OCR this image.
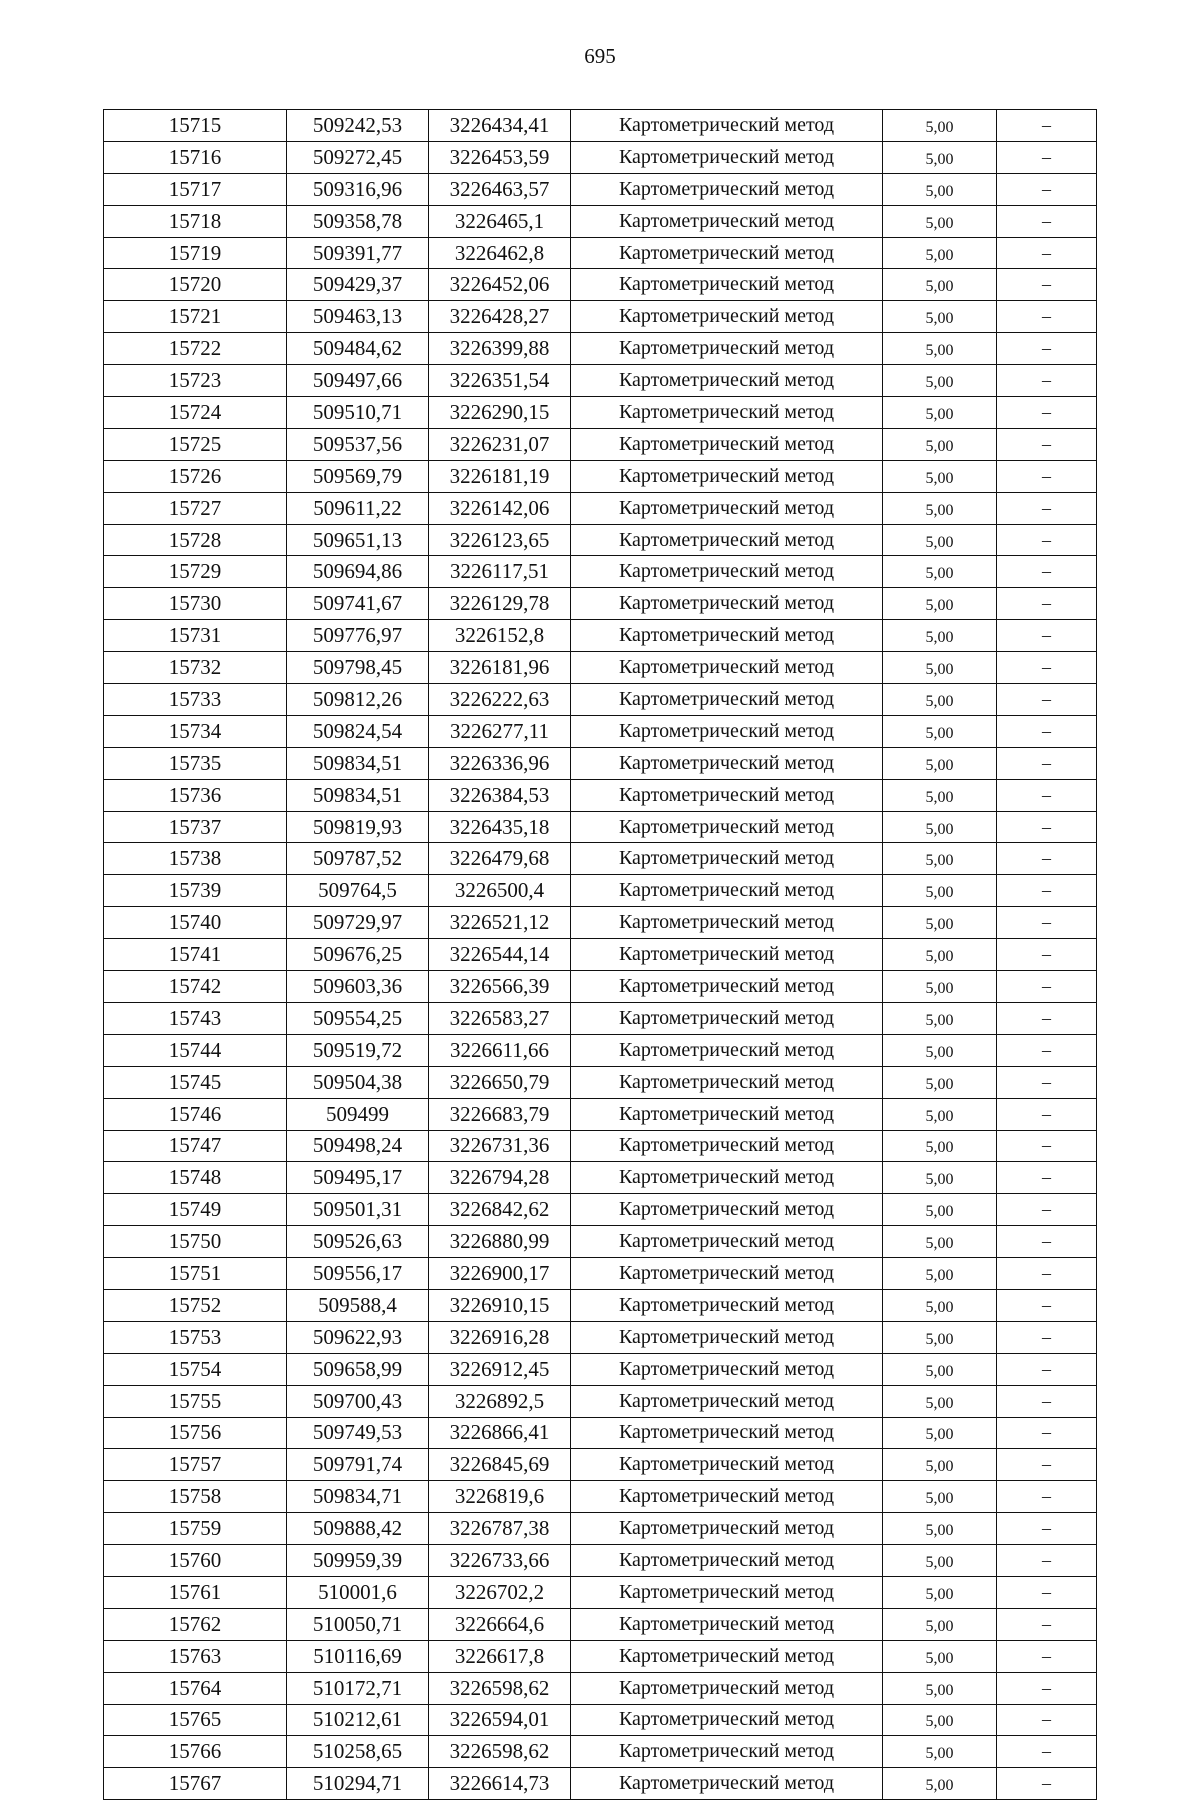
695
15715	509242,53	3226434,41	Картометрический метод	5,00	–
15716	509272,45	3226453,59	Картометрический метод	5,00	–
15717	509316,96	3226463,57	Картометрический метод	5,00	–
15718	509358,78	3226465,1	Картометрический метод	5,00	–
15719	509391,77	3226462,8	Картометрический метод	5,00	–
15720	509429,37	3226452,06	Картометрический метод	5,00	–
15721	509463,13	3226428,27	Картометрический метод	5,00	–
15722	509484,62	3226399,88	Картометрический метод	5,00	–
15723	509497,66	3226351,54	Картометрический метод	5,00	–
15724	509510,71	3226290,15	Картометрический метод	5,00	–
15725	509537,56	3226231,07	Картометрический метод	5,00	–
15726	509569,79	3226181,19	Картометрический метод	5,00	–
15727	509611,22	3226142,06	Картометрический метод	5,00	–
15728	509651,13	3226123,65	Картометрический метод	5,00	–
15729	509694,86	3226117,51	Картометрический метод	5,00	–
15730	509741,67	3226129,78	Картометрический метод	5,00	–
15731	509776,97	3226152,8	Картометрический метод	5,00	–
15732	509798,45	3226181,96	Картометрический метод	5,00	–
15733	509812,26	3226222,63	Картометрический метод	5,00	–
15734	509824,54	3226277,11	Картометрический метод	5,00	–
15735	509834,51	3226336,96	Картометрический метод	5,00	–
15736	509834,51	3226384,53	Картометрический метод	5,00	–
15737	509819,93	3226435,18	Картометрический метод	5,00	–
15738	509787,52	3226479,68	Картометрический метод	5,00	–
15739	509764,5	3226500,4	Картометрический метод	5,00	–
15740	509729,97	3226521,12	Картометрический метод	5,00	–
15741	509676,25	3226544,14	Картометрический метод	5,00	–
15742	509603,36	3226566,39	Картометрический метод	5,00	–
15743	509554,25	3226583,27	Картометрический метод	5,00	–
15744	509519,72	3226611,66	Картометрический метод	5,00	–
15745	509504,38	3226650,79	Картометрический метод	5,00	–
15746	509499	3226683,79	Картометрический метод	5,00	–
15747	509498,24	3226731,36	Картометрический метод	5,00	–
15748	509495,17	3226794,28	Картометрический метод	5,00	–
15749	509501,31	3226842,62	Картометрический метод	5,00	–
15750	509526,63	3226880,99	Картометрический метод	5,00	–
15751	509556,17	3226900,17	Картометрический метод	5,00	–
15752	509588,4	3226910,15	Картометрический метод	5,00	–
15753	509622,93	3226916,28	Картометрический метод	5,00	–
15754	509658,99	3226912,45	Картометрический метод	5,00	–
15755	509700,43	3226892,5	Картометрический метод	5,00	–
15756	509749,53	3226866,41	Картометрический метод	5,00	–
15757	509791,74	3226845,69	Картометрический метод	5,00	–
15758	509834,71	3226819,6	Картометрический метод	5,00	–
15759	509888,42	3226787,38	Картометрический метод	5,00	–
15760	509959,39	3226733,66	Картометрический метод	5,00	–
15761	510001,6	3226702,2	Картометрический метод	5,00	–
15762	510050,71	3226664,6	Картометрический метод	5,00	–
15763	510116,69	3226617,8	Картометрический метод	5,00	–
15764	510172,71	3226598,62	Картометрический метод	5,00	–
15765	510212,61	3226594,01	Картометрический метод	5,00	–
15766	510258,65	3226598,62	Картометрический метод	5,00	–
15767	510294,71	3226614,73	Картометрический метод	5,00	–
